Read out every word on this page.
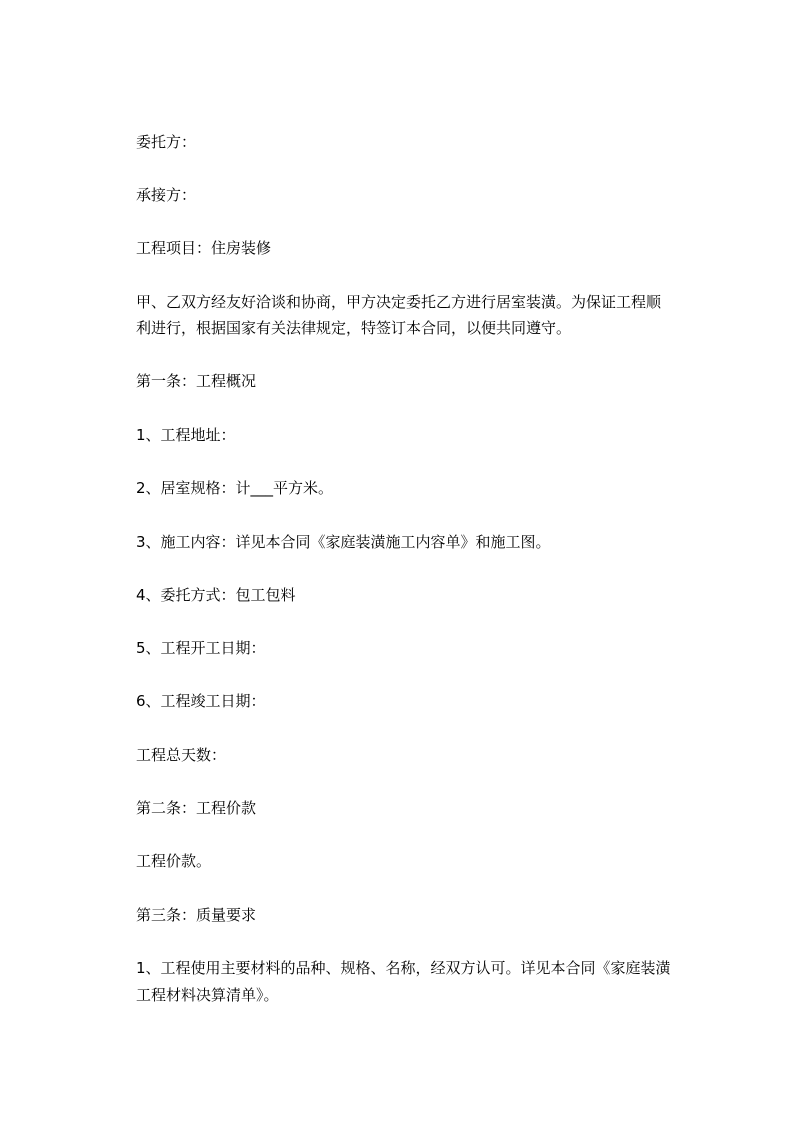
委托方：
承接方：
工程项目：住房装修
甲、乙双方经友好洽谈和协商，甲方决定委托乙方进行居室装潢。为保证工程顺
利进行，根据国家有关法律规定，特签订本合同，以便共同遵守。
第一条：工程概况
1、工程地址：
2、居室规格：计___平方米。
3、施工内容：详见本合同《家庭装潢施工内容单》和施工图。
4、委托方式：包工包料
5、工程开工日期：
6、工程竣工日期：
工程总天数：
第二条：工程价款
工程价款。
第三条：质量要求
1、工程使用主要材料的品种、规格、名称，经双方认可。详见本合同《家庭装潢
工程材料决算清单》。
